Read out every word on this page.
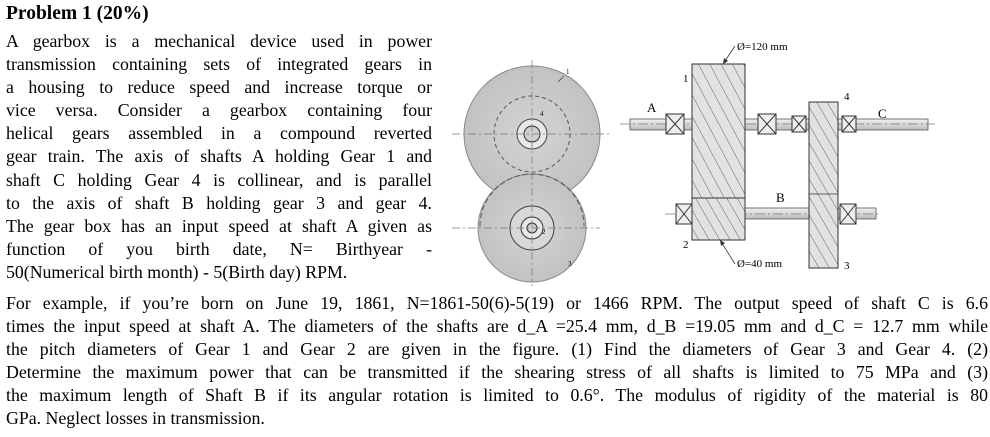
Problem 1 (20%)
A gearbox is a mechanical device used in power
transmission containing sets of integrated gears in
a housing to reduce speed and increase torque or
vice versa. Consider a gearbox containing four
helical gears assembled in a compound reverted
gear train. The axis of shafts A holding Gear 1 and
shaft C holding Gear 4 is collinear, and is parallel
to the axis of shaft B holding gear 3 and gear 4.
The gear box has an input speed at shaft A given as
function of you birth date, N= Birthyear -
50(Numerical birth month) - 5(Birth day) RPM.
1
4
2
3
Ø=120 mm
Ø=40 mm
A
B
C
1
2
3
4
For example, if you’re born on June 19, 1861, N=1861-50(6)-5(19) or 1466 RPM. The output speed of shaft C is 6.6
times the input speed at shaft A. The diameters of the shafts are d_A =25.4 mm, d_B =19.05 mm and d_C = 12.7 mm while
the pitch diameters of Gear 1 and Gear 2 are given in the figure. (1) Find the diameters of Gear 3 and Gear 4. (2)
Determine the maximum power that can be transmitted if the shearing stress of all shafts is limited to 75 MPa and (3)
the maximum length of Shaft B if its angular rotation is limited to 0.6°. The modulus of rigidity of the material is 80
GPa. Neglect losses in transmission.
